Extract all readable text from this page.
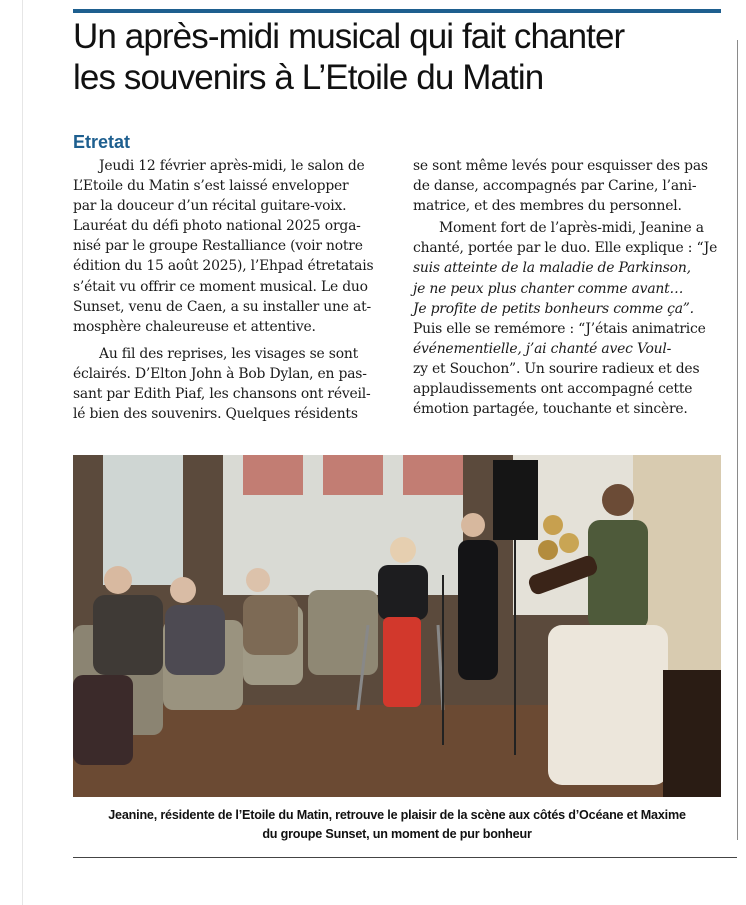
Un après-midi musical qui fait chanter
les souvenirs à L’Etoile du Matin
Etretat

Jeudi 12 février après-midi, le salon de
L’Etoile du Matin s’est laissé envelopper
par la douceur d’un récital guitare-voix.
Lauréat du défi photo national 2025 orga-
nisé par le groupe Restalliance (voir notre
édition du 15 août 2025), l’Ehpad étretatais
s’était vu offrir ce moment musical. Le duo
Sunset, venu de Caen, a su installer une at-
mosphère chaleureuse et attentive.

Au fil des reprises, les visages se sont
éclairés. D’Elton John à Bob Dylan, en pas-
sant par Edith Piaf, les chansons ont réveil-
lé bien des souvenirs. Quelques résidents

se sont même levés pour esquisser des pas
de danse, accompagnés par Carine, l’ani-
matrice, et des membres du personnel.

Moment fort de l’après-midi, Jeanine a
chanté, portée par le duo. Elle explique : “Je
suis atteinte de la maladie de Parkinson,
je ne peux plus chanter comme avant…
Je profite de petits bonheurs comme ça”.
Puis elle se remémore : “J’étais animatrice
événementielle, j’ai chanté avec Voul-
zy et Souchon”. Un sourire radieux et des
applaudissements ont accompagné cette
émotion partagée, touchante et sincère.

Jeanine, résidente de l’Etoile du Matin, retrouve le plaisir de la scène aux côtés d’Océane et Maxime
du groupe Sunset, un moment de pur bonheur
